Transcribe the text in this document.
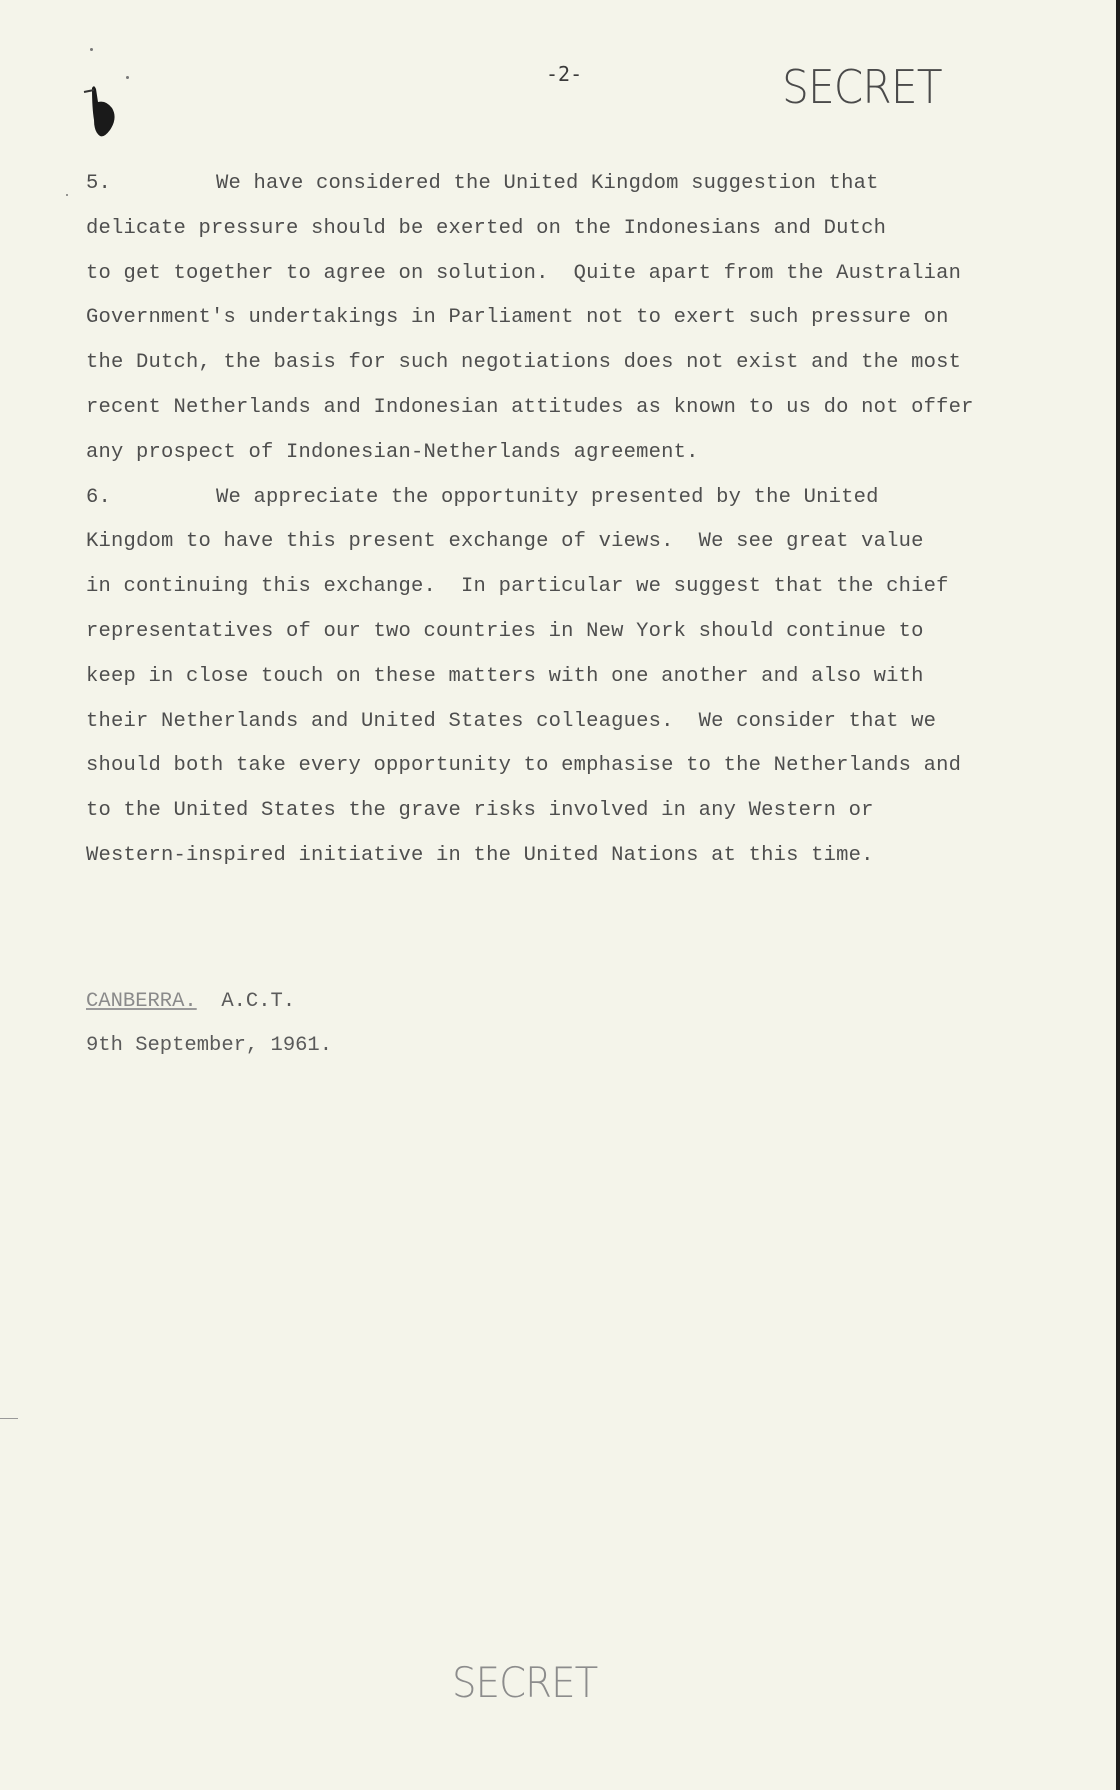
-2-	SECRET
5.	We have considered the United Kingdom suggestion that
delicate pressure should be exerted on the Indonesians and Dutch
to get together to agree on solution.  Quite apart from the Australian
Government's undertakings in Parliament not to exert such pressure on
the Dutch, the basis for such negotiations does not exist and the most
recent Netherlands and Indonesian attitudes as known to us do not offer
any prospect of Indonesian-Netherlands agreement.
6.	We appreciate the opportunity presented by the United
Kingdom to have this present exchange of views.  We see great value
in continuing this exchange.  In particular we suggest that the chief
representatives of our two countries in New York should continue to
keep in close touch on these matters with one another and also with
their Netherlands and United States colleagues.  We consider that we
should both take every opportunity to emphasise to the Netherlands and
to the United States the grave risks involved in any Western or
Western-inspired initiative in the United Nations at this time.
CANBERRA. A.C.T.
9th September, 1961.
SECRET
